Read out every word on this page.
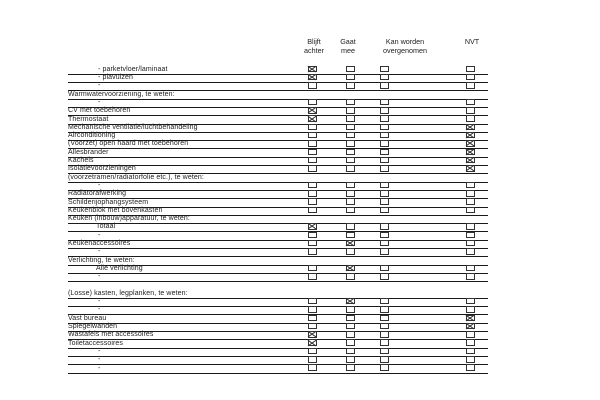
Blijft
achter
Gaat
mee
Kan worden
overgenomen
NVT
- parketvloer/laminaat
- plavuizen
-
Warmwatervoorziening, te weten:
-
CV met toebehoren
Thermostaat
Mechanische ventilatie/luchtbehandeling
Airconditioning
(Voorzet) open haard met toebehoren
Allesbrander
Kachels
Isolatievoorzieningen
(voorzetramen/radiatorfolie etc.), te weten:
-
Radiatorafwerking
Schilderijophangsysteem
Keukenblok met bovenkasten
Keuken (inbouw)apparatuur, te weten:
Totaal
-
Keukenaccessoires
-
Verlichting, te weten:
Alle verlichting
-
(Losse) kasten, legplanken, te weten:
-
-
Vast bureau
Spiegelwanden
Wastafels met accessoires
Toiletaccessoires
-
-
-
